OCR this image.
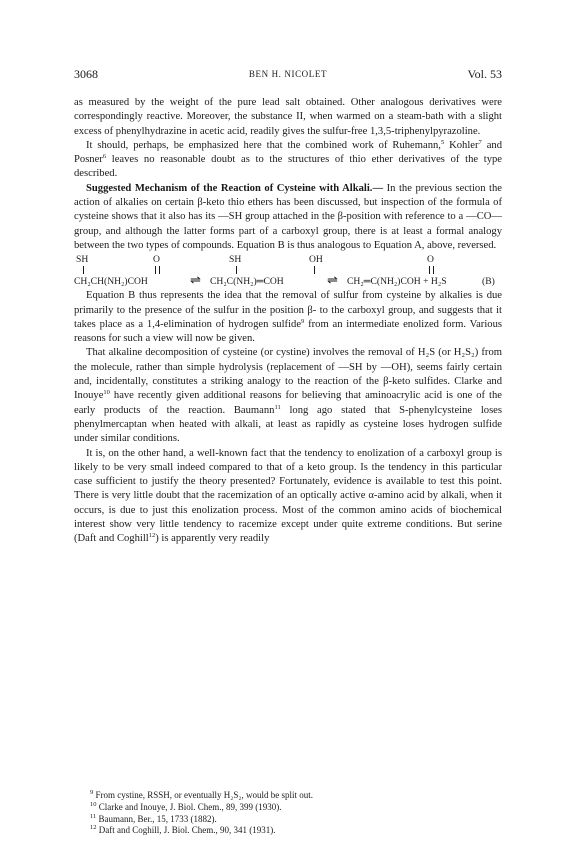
3068	BEN H. NICOLET	Vol. 53

as measured by the weight of the pure lead salt obtained. Other analogous derivatives were correspondingly reactive. Moreover, the substance II, when warmed on a steam-bath with a slight excess of phenylhydrazine in acetic acid, readily gives the sulfur-free 1,3,5-triphenylpyrazoline.

It should, perhaps, be emphasized here that the combined work of Ruhemann,$^5$ Kohler$^7$ and Posner$^6$ leaves no reasonable doubt as to the structures of thio ether derivatives of the type described.

Suggested Mechanism of the Reaction of Cysteine with Alkali.— In the previous section the action of alkalies on certain β-keto thio ethers has been discussed, but inspection of the formula of cysteine shows that it also has its —SH group attached in the β-position with reference to a —CO— group, and although the latter forms part of a carboxyl group, there is at least a formal analogy between the two types of compounds. Equation B is thus analogous to Equation A, above, reversed.

SH	O	SH	OH	O
CH₂CH(NH₂)COH	⇌ CH₂C(NH₂)═COH	⇌ CH₂═C(NH₂)COH + H₂S	(B)

Equation B thus represents the idea that the removal of sulfur from cysteine by alkalies is due primarily to the presence of the sulfur in the position β- to the carboxyl group, and suggests that it takes place as a 1,4-elimination of hydrogen sulfide$^9$ from an intermediate enolized form. Various reasons for such a view will now be given.

That alkaline decomposition of cysteine (or cystine) involves the removal of H₂S (or H₂S₂) from the molecule, rather than simple hydrolysis (replacement of —SH by —OH), seems fairly certain and, incidentally, constitutes a striking analogy to the reaction of the β-keto sulfides. Clarke and Inouye$^{10}$ have recently given additional reasons for believing that aminoacrylic acid is one of the early products of the reaction. Baumann$^{11}$ long ago stated that S-phenylcysteine loses phenylmercaptan when heated with alkali, at least as rapidly as cysteine loses hydrogen sulfide under similar conditions.

It is, on the other hand, a well-known fact that the tendency to enolization of a carboxyl group is likely to be very small indeed compared to that of a keto group. Is the tendency in this particular case sufficient to justify the theory presented? Fortunately, evidence is available to test this point. There is very little doubt that the racemization of an optically active α-amino acid by alkali, when it occurs, is due to just this enolization process. Most of the common amino acids of biochemical interest show very little tendency to racemize except under quite extreme conditions. But serine (Daft and Coghill$^{12}$) is apparently very readily

$^9$ From cystine, RSSH, or eventually H₂S₂, would be split out.
$^{10}$ Clarke and Inouye, J. Biol. Chem., 89, 399 (1930).
$^{11}$ Baumann, Ber., 15, 1733 (1882).
$^{12}$ Daft and Coghill, J. Biol. Chem., 90, 341 (1931).
